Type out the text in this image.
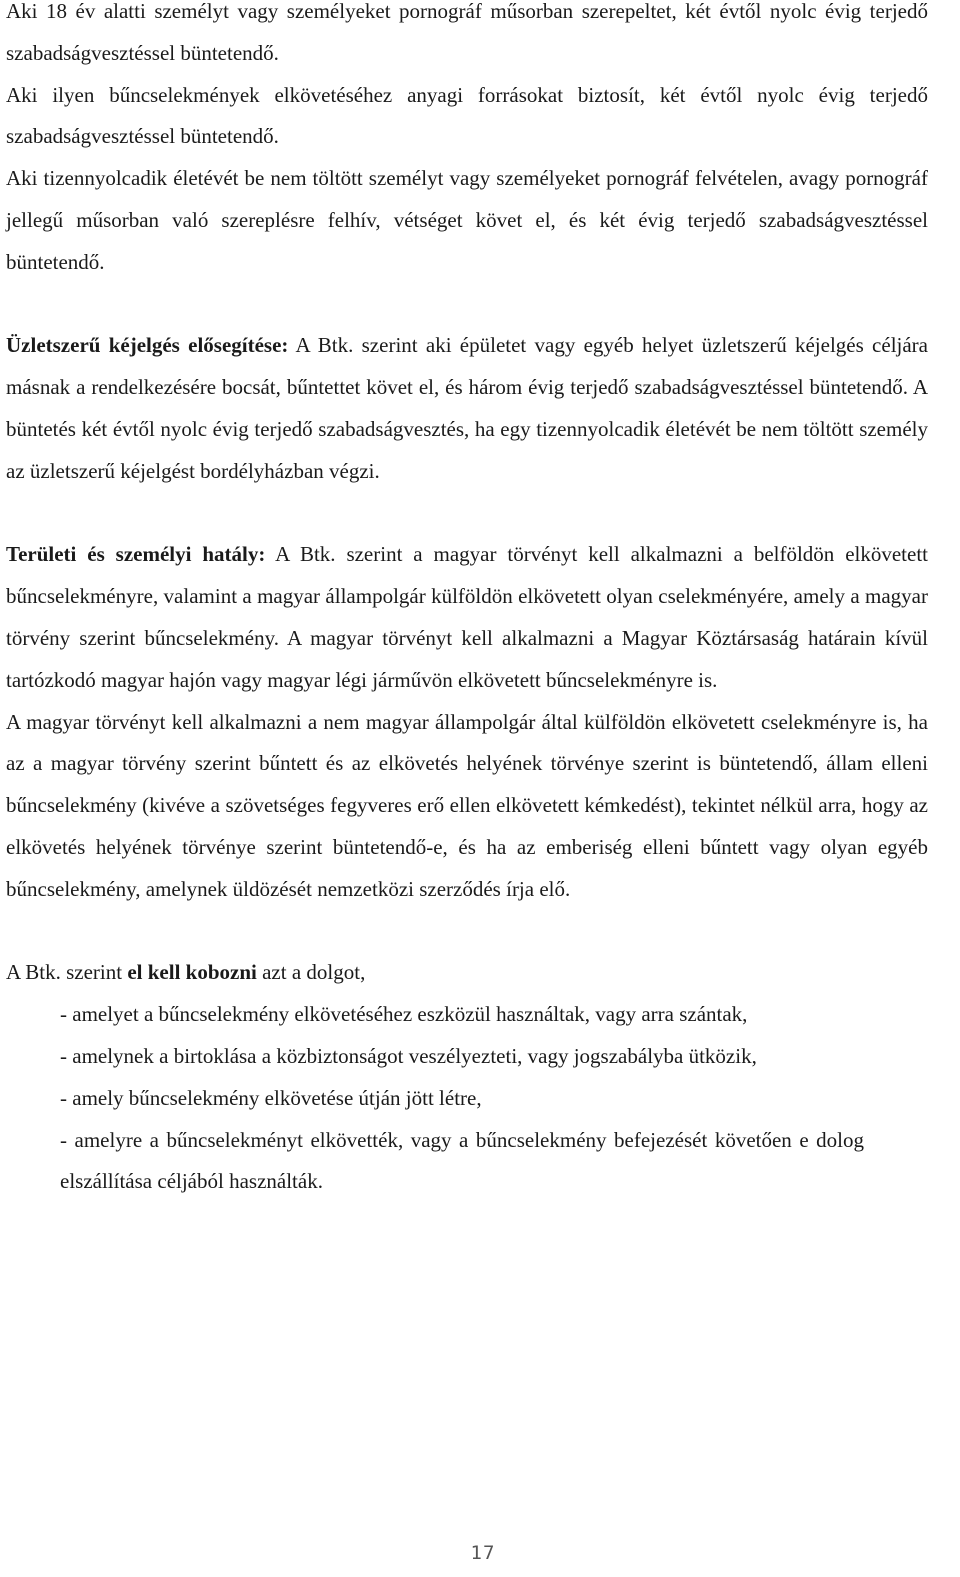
Aki 18 év alatti személyt vagy személyeket pornográf műsorban szerepeltet, két évtől nyolc évig terjedő szabadságvesztéssel büntetendő.

Aki ilyen bűncselekmények elkövetéséhez anyagi forrásokat biztosít, két évtől nyolc évig terjedő szabadságvesztéssel büntetendő.

Aki tizennyolcadik életévét be nem töltött személyt vagy személyeket pornográf felvételen, avagy pornográf jellegű műsorban való szereplésre felhív, vétséget követ el, és két évig terjedő szabadságvesztéssel büntetendő.

Üzletszerű kéjelgés elősegítése: A Btk. szerint aki épületet vagy egyéb helyet üzletszerű kéjelgés céljára másnak a rendelkezésére bocsát, bűntettet követ el, és három évig terjedő szabadságvesztéssel büntetendő. A büntetés két évtől nyolc évig terjedő szabadságvesztés, ha egy tizennyolcadik életévét be nem töltött személy az üzletszerű kéjelgést bordélyházban végzi.

Területi és személyi hatály: A Btk. szerint a magyar törvényt kell alkalmazni a belföldön elkövetett bűncselekményre, valamint a magyar állampolgár külföldön elkövetett olyan cselekményére, amely a magyar törvény szerint bűncselekmény. A magyar törvényt kell alkalmazni a Magyar Köztársaság határain kívül tartózkodó magyar hajón vagy magyar légi járművön elkövetett bűncselekményre is.

A magyar törvényt kell alkalmazni a nem magyar állampolgár által külföldön elkövetett cselekményre is, ha az a magyar törvény szerint bűntett és az elkövetés helyének törvénye szerint is büntetendő, állam elleni bűncselekmény (kivéve a szövetséges fegyveres erő ellen elkövetett kémkedést), tekintet nélkül arra, hogy az elkövetés helyének törvénye szerint büntetendő-e, és ha az emberiség elleni bűntett vagy olyan egyéb bűncselekmény, amelynek üldözését nemzetközi szerződés írja elő.

A Btk. szerint el kell kobozni azt a dolgot,

- amelyet a bűncselekmény elkövetéséhez eszközül használtak, vagy arra szántak,
- amelynek a birtoklása a közbiztonságot veszélyezteti, vagy jogszabályba ütközik,
- amely bűncselekmény elkövetése útján jött létre,
- amelyre a bűncselekményt elkövették, vagy a bűncselekmény befejezését követően e dolog elszállítása céljából használták.
17
